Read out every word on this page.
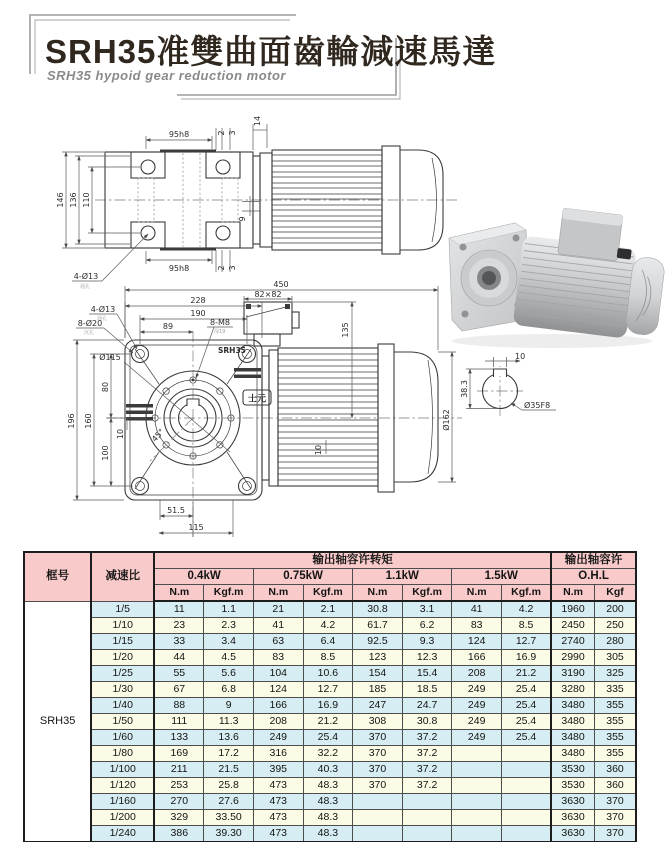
SRH35准雙曲面齒輪減速馬達
SRH35 hypoid gear reduction motor
95h8
95h8
2 3
2 3
14
146 136 110
9
4-Ø13
通孔
SRH35
士元
450
82×82
135
228
190
89	8-M8
深19
4-Ø13
通孔
8-Ø20
沉孔
Ø115
45°
196 160
80
100
10
10
51.5
115
Ø162
10
38.3
Ø35F8
框号	减速比	输出轴容许转矩								输出轴容许	
		0.4kW		0.75kW		1.1kW		1.5kW		O.H.L	
		N.m	Kgf.m	N.m	Kgf.m	N.m	Kgf.m	N.m	Kgf.m	N.m	Kgf
SRH35	1/5	11	1.1	21	2.1	30.8	3.1	41	4.2	1960	200
	1/10	23	2.3	41	4.2	61.7	6.2	83	8.5	2450	250
	1/15	33	3.4	63	6.4	92.5	9.3	124	12.7	2740	280
	1/20	44	4.5	83	8.5	123	12.3	166	16.9	2990	305
	1/25	55	5.6	104	10.6	154	15.4	208	21.2	3190	325
	1/30	67	6.8	124	12.7	185	18.5	249	25.4	3280	335
	1/40	88	9	166	16.9	247	24.7	249	25.4	3480	355
	1/50	111	11.3	208	21.2	308	30.8	249	25.4	3480	355
	1/60	133	13.6	249	25.4	370	37.2	249	25.4	3480	355
	1/80	169	17.2	316	32.2	370	37.2			3480	355
	1/100	211	21.5	395	40.3	370	37.2			3530	360
	1/120	253	25.8	473	48.3	370	37.2			3530	360
	1/160	270	27.6	473	48.3					3630	370
	1/200	329	33.50	473	48.3					3630	370
	1/240	386	39.30	473	48.3					3630	370
